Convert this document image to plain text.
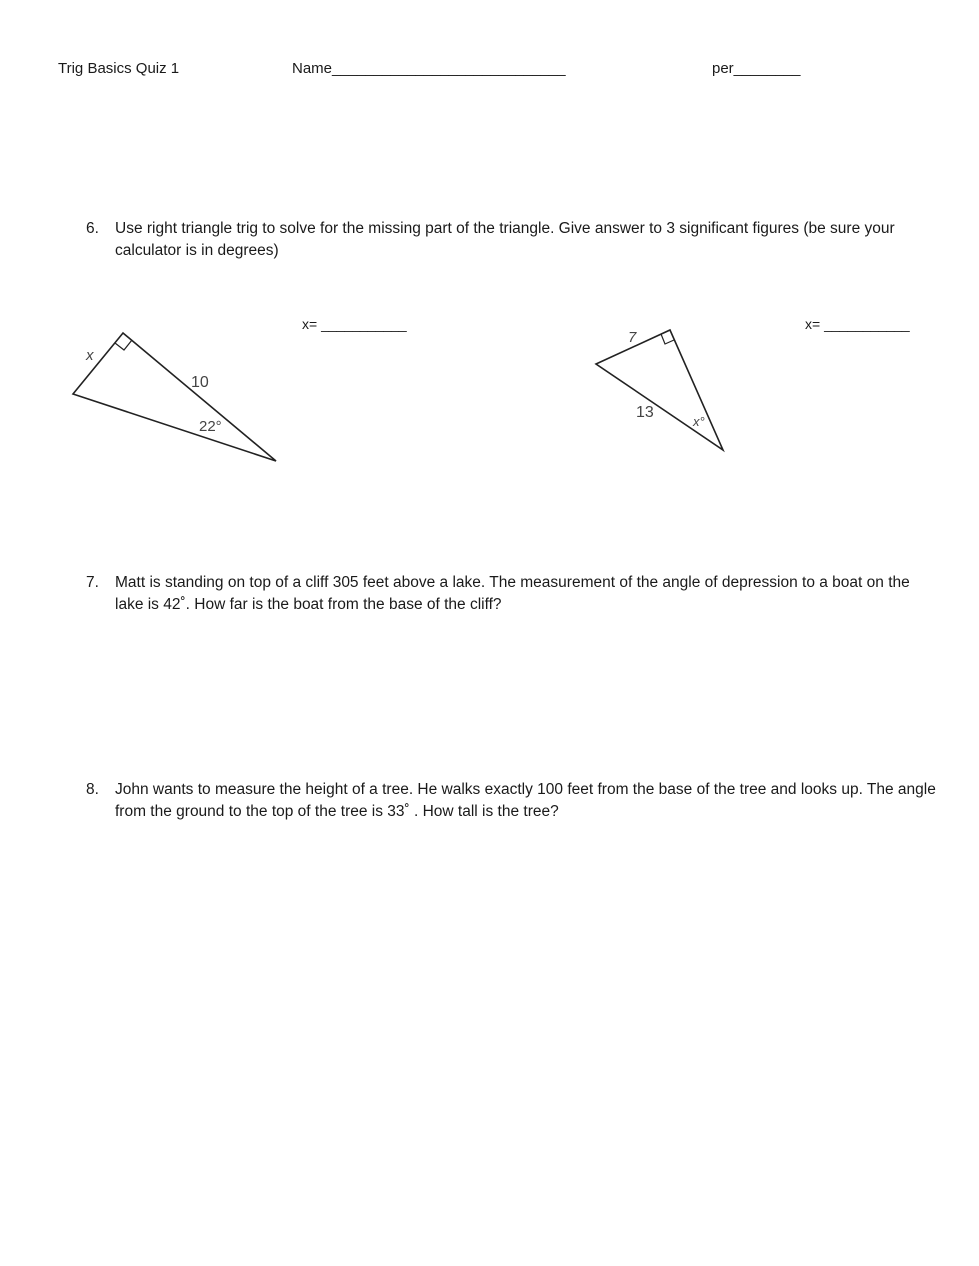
Trig Basics Quiz 1	Name____________________________	per________
6. Use right triangle trig to solve for the missing part of the triangle. Give answer to 3 significant figures (be sure your calculator is in degrees)
x= ___________	x= ___________
x
10
22°
7
13
x°
7. Matt is standing on top of a cliff 305 feet above a lake. The measurement of the angle of depression to a boat on the lake is 42˚. How far is the boat from the base of the cliff?
8. John wants to measure the height of a tree. He walks exactly 100 feet from the base of the tree and looks up. The angle from the ground to the top of the tree is 33˚ . How tall is the tree?
